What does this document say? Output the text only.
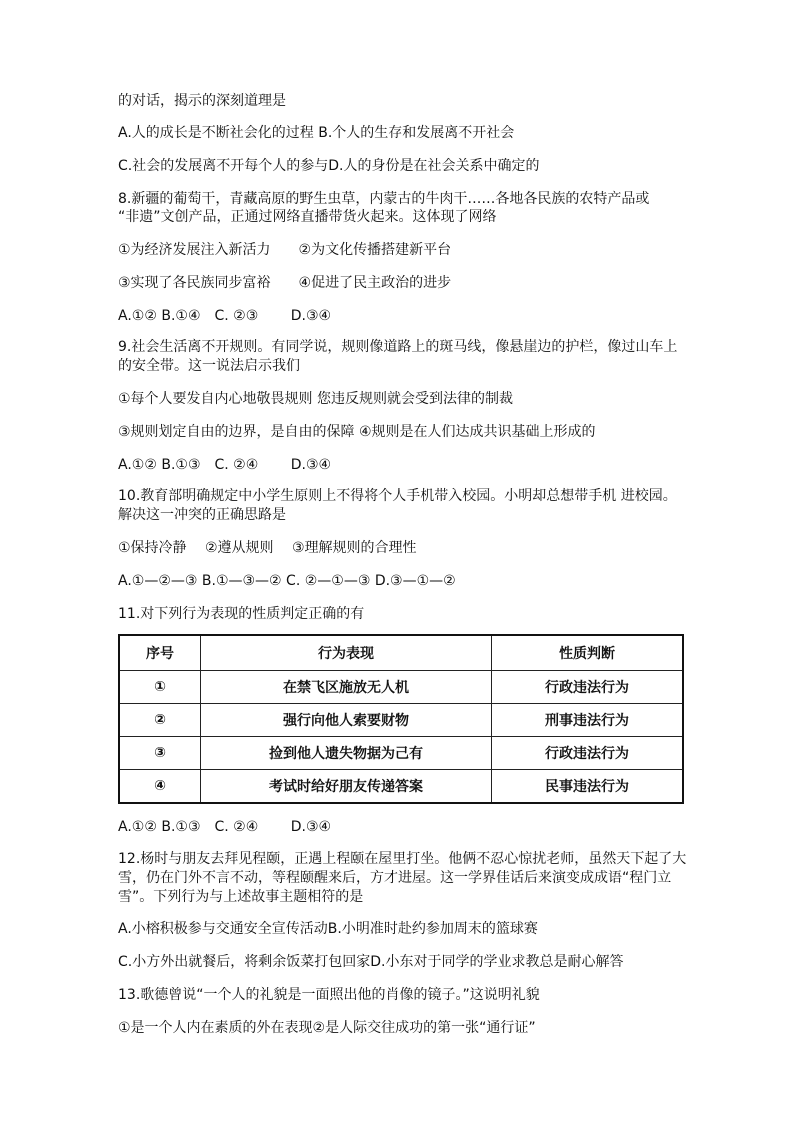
的对话，揭示的深刻道理是
A.人的成长是不断社会化的过程 B.个人的生存和发展离不开社会
C.社会的发展离不开每个人的参与D.人的身份是在社会关系中确定的
8.新疆的葡萄干，青藏高原的野生虫草，内蒙古的牛肉干……各地各民族的农特产品或
“非遗”文创产品，正通过网络直播带货火起来。这体现了网络
①为经济发展注入新活力　　②为文化传播搭建新平台
③实现了各民族同步富裕　　④促进了民主政治的进步
A.①② B.①④　C. ②③　　 D.③④
9.社会生活离不开规则。有同学说，规则像道路上的斑马线，像悬崖边的护栏，像过山车上的安全带。这一说法启示我们
①每个人要发自内心地敬畏规则 您违反规则就会受到法律的制裁
③规则划定自由的边界，是自由的保障 ④规则是在人们达成共识基础上形成的
A.①② B.①③　C. ②④　　 D.③④
10.教育部明确规定中小学生原则上不得将个人手机带入校园。小明却总想带手机 进校园。解决这一冲突的正确思路是
①保持冷静　 ②遵从规则　 ③理解规则的合理性
A.①—②—③ B.①—③—② C. ②—①—③ D.③—①—②
11.对下列行为表现的性质判定正确的有
序号	行为表现	性质判断
①	在禁飞区施放无人机	行政违法行为
②	强行向他人索要财物	刑事违法行为
③	捡到他人遗失物据为己有	行政违法行为
④	考试时给好朋友传递答案	民事违法行为
A.①② B.①③　C. ②④　　 D.③④
12.杨时与朋友去拜见程颐，正遇上程颐在屋里打坐。他俩不忍心惊扰老师，虽然天下起了大雪，仍在门外不言不动，等程颐醒来后，方才进屋。这一学界佳话后来演变成成语“程门立雪”。下列行为与上述故事主题相符的是
A.小榕积极参与交通安全宣传活动B.小明准时赴约参加周末的篮球赛
C.小方外出就餐后，将剩余饭菜打包回家D.小东对于同学的学业求教总是耐心解答
13.歌德曾说“一个人的礼貌是一面照出他的肖像的镜子。”这说明礼貌
①是一个人内在素质的外在表现②是人际交往成功的第一张“通行证”
